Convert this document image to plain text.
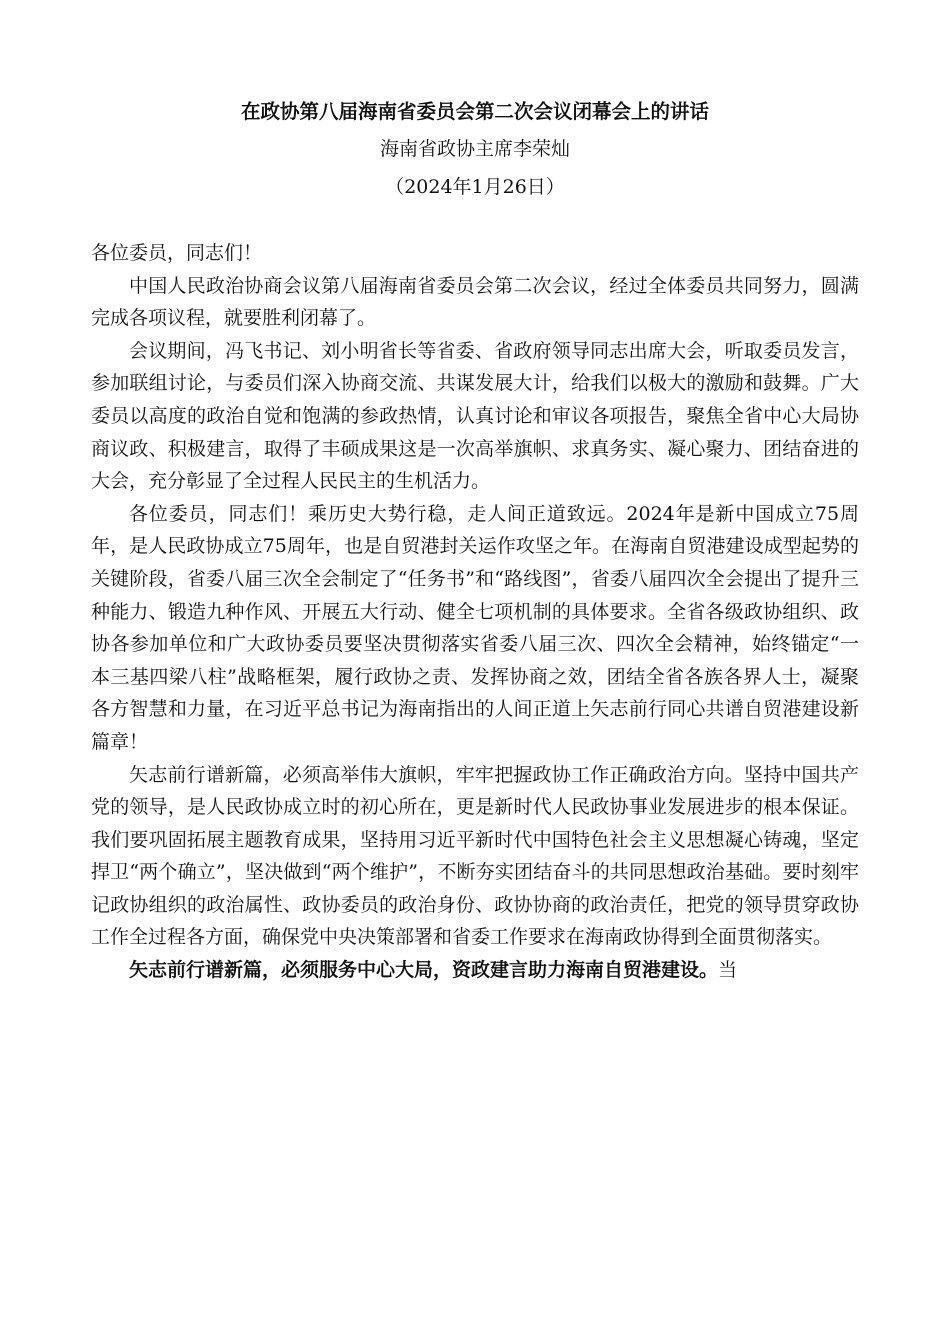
在政协第八届海南省委员会第二次会议闭幕会上的讲话
海南省政协主席李荣灿
（2024年1月26日）

各位委员，同志们！

中国人民政治协商会议第八届海南省委员会第二次会议，经过全体委员共同努力，圆满完成各项议程，就要胜利闭幕了。

会议期间，冯飞书记、刘小明省长等省委、省政府领导同志出席大会，听取委员发言，参加联组讨论，与委员们深入协商交流、共谋发展大计，给我们以极大的激励和鼓舞。广大委员以高度的政治自觉和饱满的参政热情，认真讨论和审议各项报告，聚焦全省中心大局协商议政、积极建言，取得了丰硕成果这是一次高举旗帜、求真务实、凝心聚力、团结奋进的大会，充分彰显了全过程人民民主的生机活力。

各位委员，同志们！乘历史大势行稳，走人间正道致远。2024年是新中国成立75周年，是人民政协成立75周年，也是自贸港封关运作攻坚之年。在海南自贸港建设成型起势的关键阶段，省委八届三次全会制定了“任务书”和“路线图”，省委八届四次全会提出了提升三种能力、锻造九种作风、开展五大行动、健全七项机制的具体要求。全省各级政协组织、政协各参加单位和广大政协委员要坚决贯彻落实省委八届三次、四次全会精神，始终锚定“一本三基四梁八柱”战略框架，履行政协之责、发挥协商之效，团结全省各族各界人士，凝聚各方智慧和力量，在习近平总书记为海南指出的人间正道上矢志前行同心共谱自贸港建设新篇章！

矢志前行谱新篇，必须高举伟大旗帜，牢牢把握政协工作正确政治方向。坚持中国共产党的领导，是人民政协成立时的初心所在，更是新时代人民政协事业发展进步的根本保证。我们要巩固拓展主题教育成果，坚持用习近平新时代中国特色社会主义思想凝心铸魂，坚定捍卫“两个确立”，坚决做到“两个维护”，不断夯实团结奋斗的共同思想政治基础。要时刻牢记政协组织的政治属性、政协委员的政治身份、政协协商的政治责任，把党的领导贯穿政协工作全过程各方面，确保党中央决策部署和省委工作要求在海南政协得到全面贯彻落实。

矢志前行谱新篇，必须服务中心大局，资政建言助力海南自贸港建设。当
